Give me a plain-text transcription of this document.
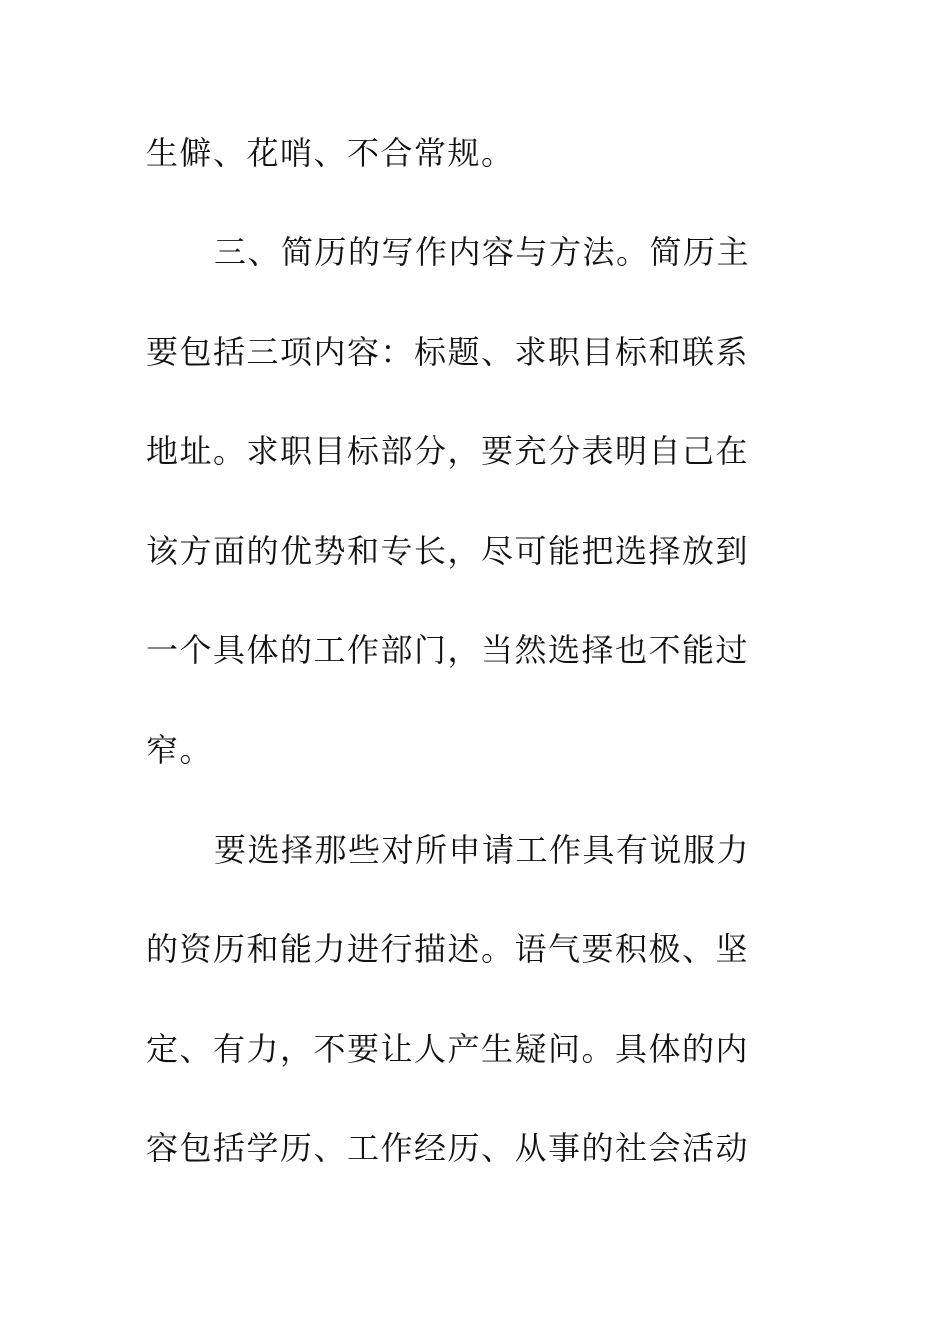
生僻、花哨、不合常规。
三、简历的写作内容与方法。简历主
要包括三项内容：标题、求职目标和联系
地址。求职目标部分，要充分表明自己在
该方面的优势和专长，尽可能把选择放到
一个具体的工作部门，当然选择也不能过
窄。
要选择那些对所申请工作具有说服力
的资历和能力进行描述。语气要积极、坚
定、有力，不要让人产生疑问。具体的内
容包括学历、工作经历、从事的社会活动
